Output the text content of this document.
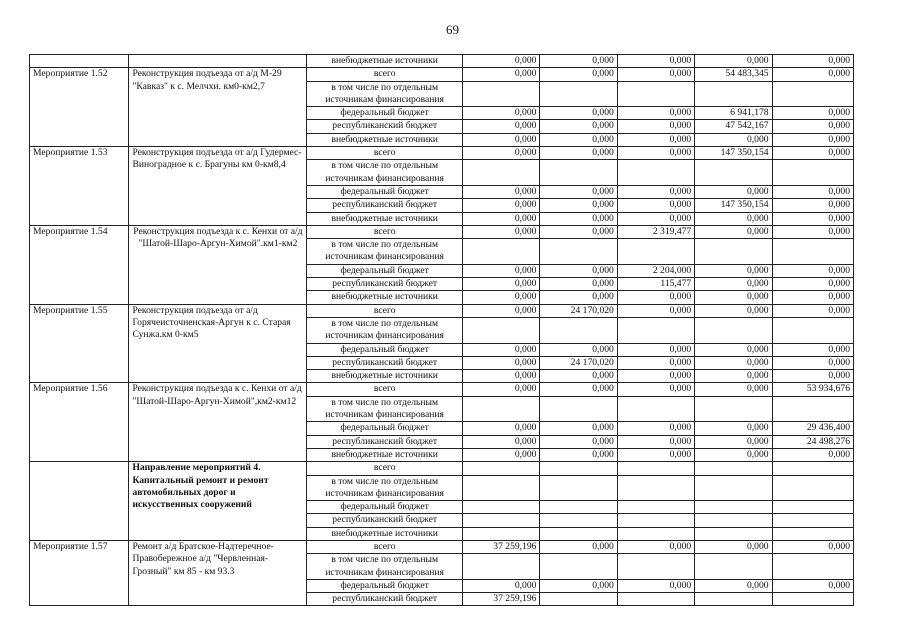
69
		внебюджетные источники	0,000	0,000	0,000	0,000	0,000
Мероприятие 1.52	Реконструкция подъезда от а/д М-29 "Кавказ" к с. Мелчхи. км0-км2,7	всего	0,000	0,000	0,000	54 483,345	0,000
		в том числе по отдельным источникам финансирования					
		федеральный бюджет	0,000	0,000	0,000	6 941,178	0,000
		республиканский бюджет	0,000	0,000	0,000	47 542,167	0,000
		внебюджетные источники	0,000	0,000	0,000	0,000	0,000
Мероприятие 1.53	Реконструкция подъезда от а/д Гудермес-Виноградное к с. Брагуны км 0-км8,4	всего	0,000	0,000	0,000	147 350,154	0,000
		в том числе по отдельным источникам финансирования					
		федеральный бюджет	0,000	0,000	0,000	0,000	0,000
		республиканский бюджет	0,000	0,000	0,000	147 350,154	0,000
		внебюджетные источники	0,000	0,000	0,000	0,000	0,000
Мероприятие 1.54	Реконструкция подъезда к с. Кенхи от а/д "Шатой-Шаро-Аргун-Химой".км1-км2	всего	0,000	0,000	2 319,477	0,000	0,000
		в том числе по отдельным источникам финансирования					
		федеральный бюджет	0,000	0,000	2 204,000	0,000	0,000
		республиканский бюджет	0,000	0,000	115,477	0,000	0,000
		внебюджетные источники	0,000	0,000	0,000	0,000	0,000
Мероприятие 1.55	Реконструкция подъезда от а/д Горячеисточненская-Аргун к с. Старая Сунжа.км 0-км5	всего	0,000	24 170,020	0,000	0,000	0,000
		в том числе по отдельным источникам финансирования					
		федеральный бюджет	0,000	0,000	0,000	0,000	0,000
		республиканский бюджет	0,000	24 170,020	0,000	0,000	0,000
		внебюджетные источники	0,000	0,000	0,000	0,000	0,000
Мероприятие 1.56	Реконструкция подъезда к с. Кенхи от а/д "Шатой-Шаро-Аргун-Химой",км2-км12	всего	0,000	0,000	0,000	0,000	53 934,676
		в том числе по отдельным источникам финансирования					
		федеральный бюджет	0,000	0,000	0,000	0,000	29 436,400
		республиканский бюджет	0,000	0,000	0,000	0,000	24 498,276
		внебюджетные источники	0,000	0,000	0,000	0,000	0,000
	Направление мероприятий 4. Капитальный ремонт и ремонт автомобильных дорог и искусственных сооружений	всего					
		в том числе по отдельным источникам финансирования					
		федеральный бюджет					
		республиканский бюджет					
		внебюджетные источники					
Мероприятие 1.57	Ремонт а/д Братское-Надтеречное-Правобережное а/д "Червленная-Грозный" км 85 - км 93.3	всего	37 259,196	0,000	0,000	0,000	0,000
		в том числе по отдельным источникам финансирования					
		федеральный бюджет	0,000	0,000	0,000	0,000	0,000
		республиканский бюджет	37 259,196				
